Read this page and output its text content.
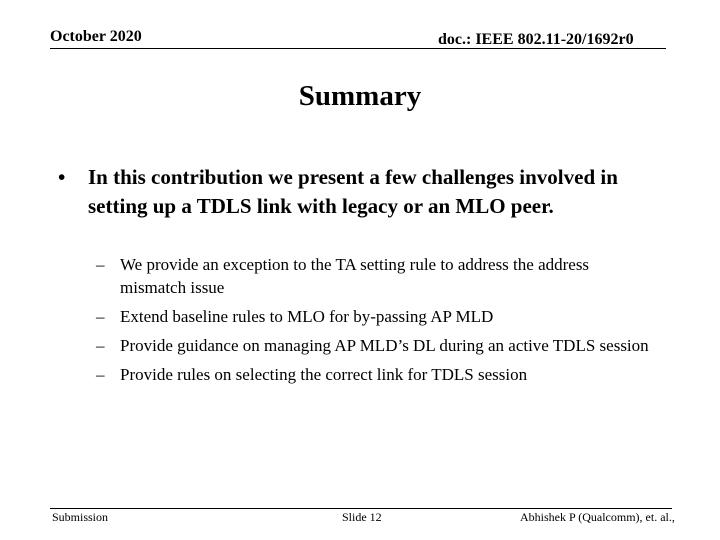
October 2020	doc.: IEEE 802.11-20/1692r0
Summary
•	In this contribution we present a few challenges involved in setting up a TDLS link with legacy or an MLO peer.
– We provide an exception to the TA setting rule to address the address mismatch issue
– Extend baseline rules to MLO for by-passing AP MLD
– Provide guidance on managing AP MLD’s DL during an active TDLS session
– Provide rules on selecting the correct link for TDLS session
Submission	Slide 12	Abhishek P (Qualcomm), et. al.,
